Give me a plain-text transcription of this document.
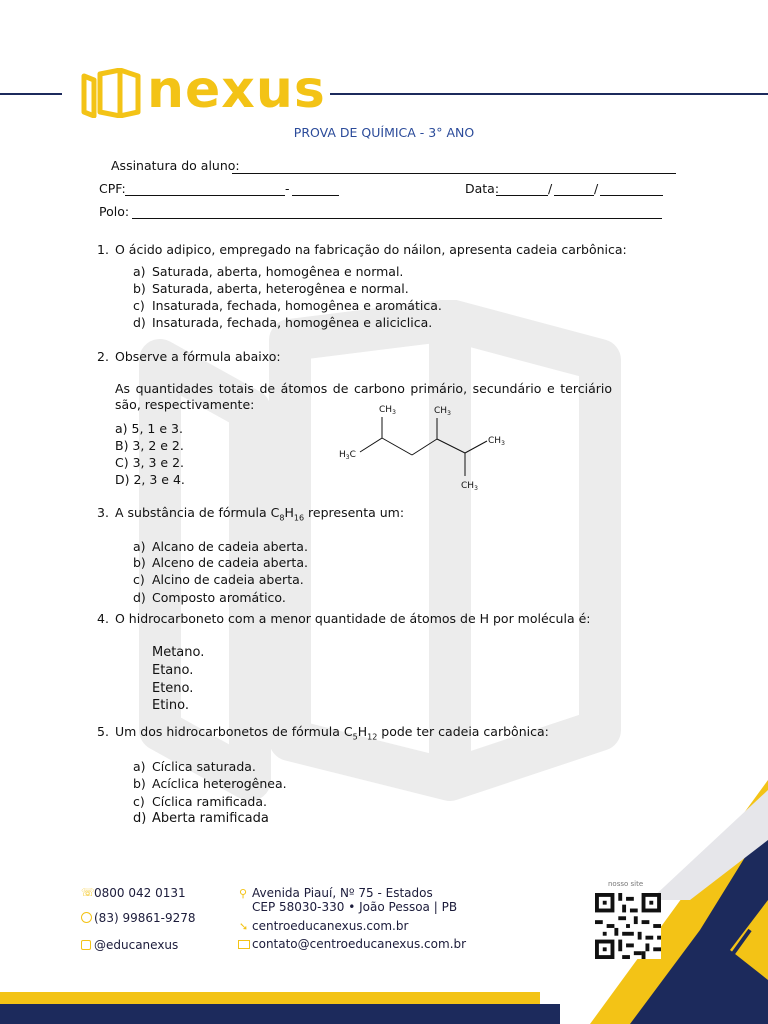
nexus
PROVA DE QUÍMICA - 3° ANO
Assinatura do aluno:
CPF:	-	Data:	/	/
Polo:
1. O ácido adipico, empregado na fabricação do náilon, apresenta cadeia carbônica:
a) Saturada, aberta, homogênea e normal.
b) Saturada, aberta, heterogênea e normal.
c) Insaturada, fechada, homogênea e aromática.
d) Insaturada, fechada, homogênea e aliciclica.
2. Observe a fórmula abaixo:
As quantidades totais de átomos de carbono primário, secundário e terciário são, respectivamente:
a) 5, 1 e 3.
B) 3, 2 e 2.
C) 3, 3 e 2.
D) 2, 3 e 4.
$H_3C$
$CH_3$	$CH_3$
$CH_3$
$CH_3$
3. A substância de fórmula $C_8H_{16}$ representa um:
a) Alcano de cadeia aberta.
b) Alceno de cadeia aberta.
c) Alcino de cadeia aberta.
d) Composto aromático.
4. O hidrocarboneto com a menor quantidade de átomos de H por molécula é:
Metano.
Etano.
Eteno.
Etino.
5. Um dos hidrocarbonetos de fórmula $C_5H_{12}$ pode ter cadeia carbônica:
a) Cíclica saturada.
b) Acíclica heterogênea.
c) Cíclica ramificada.
d) Aberta ramificada
☏ 0800 042 0131
(83) 99861-9278
@educanexus
⚲ Avenida Piauí, Nº 75 - Estados
CEP 58030-330 • João Pessoa | PB
➘ centroeducanexus.com.br
contato@centroeducanexus.com.br
nosso site
